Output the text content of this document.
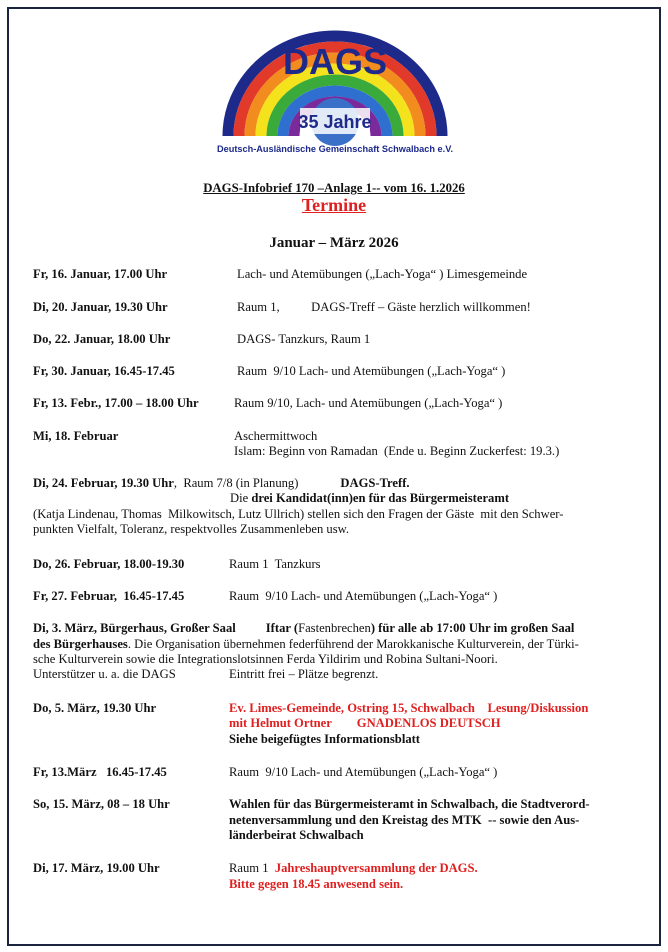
DAGS
35 Jahre
Deutsch-Ausländische Gemeinschaft Schwalbach e.V.
DAGS-Infobrief 170 –Anlage 1-- vom 16. 1.2026
Termine
Januar – März 2026
Fr, 16. Januar, 17.00 Uhr	Lach- und Atemübungen („Lach-Yoga“ ) Limesgemeinde
Di, 20. Januar, 19.30 Uhr	Raum 1,          DAGS-Treff – Gäste herzlich willkommen!
Do, 22. Januar, 18.00 Uhr	DAGS- Tanzkurs, Raum 1
Fr, 30. Januar, 16.45-17.45	Raum  9/10 Lach- und Atemübungen („Lach-Yoga“ )
Fr, 13. Febr., 17.00 – 18.00 Uhr	Raum 9/10, Lach- und Atemübungen („Lach-Yoga“ )
Mi, 18. Februar	Aschermittwoch
Islam: Beginn von Ramadan  (Ende u. Beginn Zuckerfest: 19.3.)
Di, 24. Februar, 19.30 Uhr,  Raum 7/8 (in Planung)	DAGS-Treff.
Die drei Kandidat(inn)en für das Bürgermeisteramt
(Katja Lindenau, Thomas  Milkowitsch, Lutz Ullrich) stellen sich den Fragen der Gäste  mit den Schwer-
punkten Vielfalt, Toleranz, respektvolles Zusammenleben usw.
Do, 26. Februar, 18.00-19.30	Raum 1  Tanzkurs
Fr, 27. Februar,  16.45-17.45	Raum  9/10 Lach- und Atemübungen („Lach-Yoga“ )
Di, 3. März, Bürgerhaus, Großer Saal Iftar (Fastenbrechen) für alle ab 17:00 Uhr im großen Saal
des Bürgerhauses. Die Organisation übernehmen federführend der Marokkanische Kulturverein, der Türki-
sche Kulturverein sowie die Integrationslotsinnen Ferda Yildirim und Robina Sultani-Noori.
Unterstützer u. a. die DAGS	Eintritt frei – Plätze begrenzt.
Do, 5. März, 19.30 Uhr	Ev. Limes-Gemeinde, Ostring 15, Schwalbach    Lesung/Diskussion
mit Helmut Ortner        GNADENLOS DEUTSCH
Siehe beigefügtes Informationsblatt
Fr, 13.März   16.45-17.45	Raum  9/10 Lach- und Atemübungen („Lach-Yoga“ )
So, 15. März, 08 – 18 Uhr	Wahlen für das Bürgermeisteramt in Schwalbach, die Stadtverord-
netenversammlung und den Kreistag des MTK  -- sowie den Aus-
länderbeirat Schwalbach
Di, 17. März, 19.00 Uhr	Raum 1  Jahreshauptversammlung der DAGS.
Bitte gegen 18.45 anwesend sein.
